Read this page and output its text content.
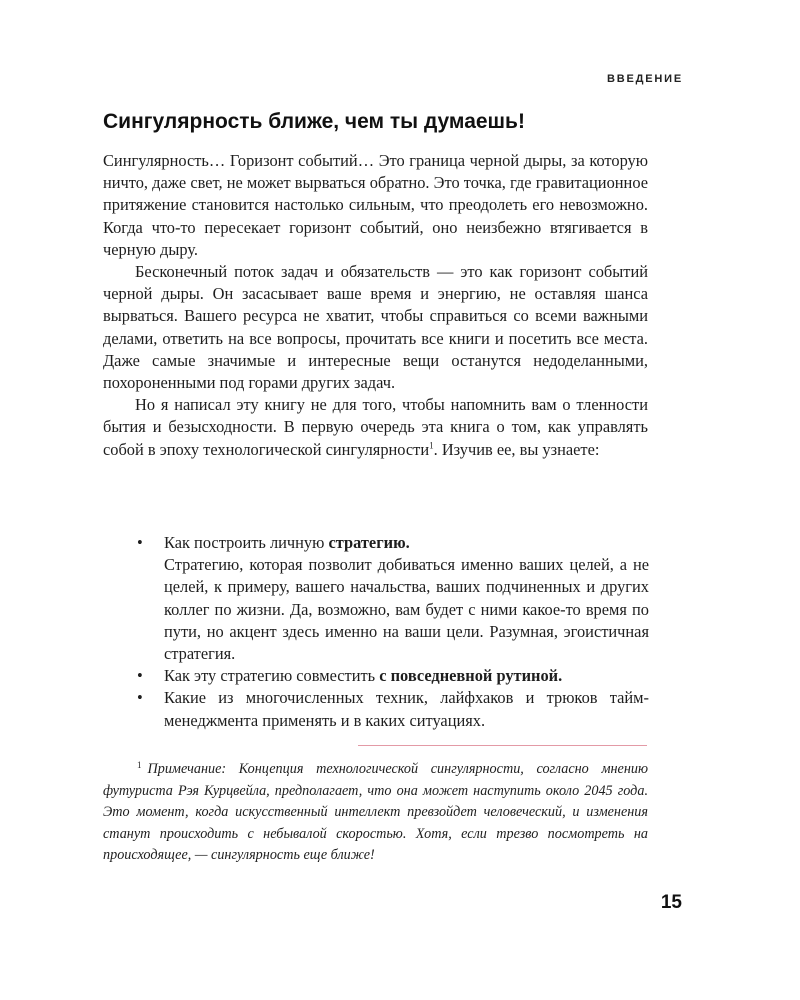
ВВЕДЕНИЕ
Сингулярность ближе, чем ты думаешь!

Сингулярность… Горизонт событий… Это граница черной дыры, за которую ничто, даже свет, не может вырваться обратно. Это точка, где гравитационное притяжение становится настолько сильным, что преодолеть его невозможно. Когда что-то пересекает горизонт событий, оно неизбежно втягивается в черную дыру.

Бесконечный поток задач и обязательств — это как горизонт событий черной дыры. Он засасывает ваше время и энергию, не оставляя шанса вырваться. Вашего ресурса не хватит, чтобы справиться со всеми важными делами, ответить на все вопросы, прочитать все книги и посетить все места. Даже самые значимые и интересные вещи останутся недоделанными, похороненными под горами других задач.

Но я написал эту книгу не для того, чтобы напомнить вам о тленности бытия и безысходности. В первую очередь эта книга о том, как управлять собой в эпоху технологической сингулярности$^1$. Изучив ее, вы узнаете:

• Как построить личную стратегию.
Стратегию, которая позволит добиваться именно ваших целей, а не целей, к примеру, вашего начальства, ваших подчиненных и других коллег по жизни. Да, возможно, вам будет с ними какое-то время по пути, но акцент здесь именно на ваши цели. Разумная, эгоистичная стратегия.
• Как эту стратегию совместить с повседневной рутиной.
• Какие из многочисленных техник, лайфхаков и трюков тайм-менеджмента применять и в каких ситуациях.

$^1$ Примечание: Концепция технологической сингулярности, согласно мнению футуриста Рэя Курцвейла, предполагает, что она может наступить около 2045 года. Это момент, когда искусственный интеллект превзойдет человеческий, и изменения станут происходить с небывалой скоростью. Хотя, если трезво посмотреть на происходящее, — сингулярность еще ближе!

15
